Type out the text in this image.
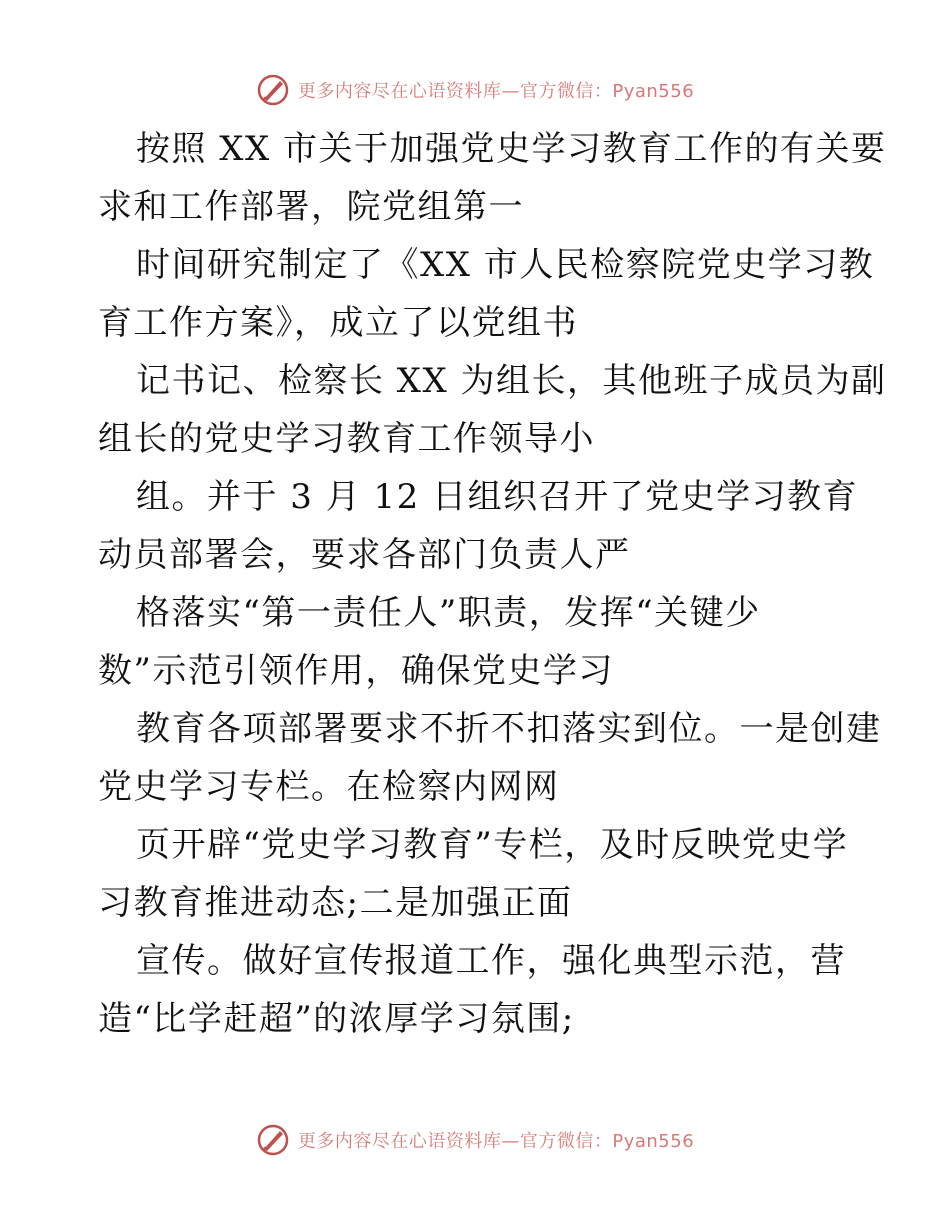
更多内容尽在心语资料库—官方微信：Pyan556
按照 XX 市关于加强党史学习教育工作的有关要
求和工作部署，院党组第一
时间研究制定了《XX 市人民检察院党史学习教
育工作方案》，成立了以党组书
记书记、检察长 XX 为组长，其他班子成员为副
组长的党史学习教育工作领导小
组。并于 3 月 12 日组织召开了党史学习教育
动员部署会，要求各部门负责人严
格落实“第一责任人”职责，发挥“关键少
数”示范引领作用，确保党史学习
教育各项部署要求不折不扣落实到位。一是创建
党史学习专栏。在检察内网网
页开辟“党史学习教育”专栏，及时反映党史学
习教育推进动态;二是加强正面
宣传。做好宣传报道工作，强化典型示范，营
造“比学赶超”的浓厚学习氛围;
更多内容尽在心语资料库—官方微信：Pyan556
